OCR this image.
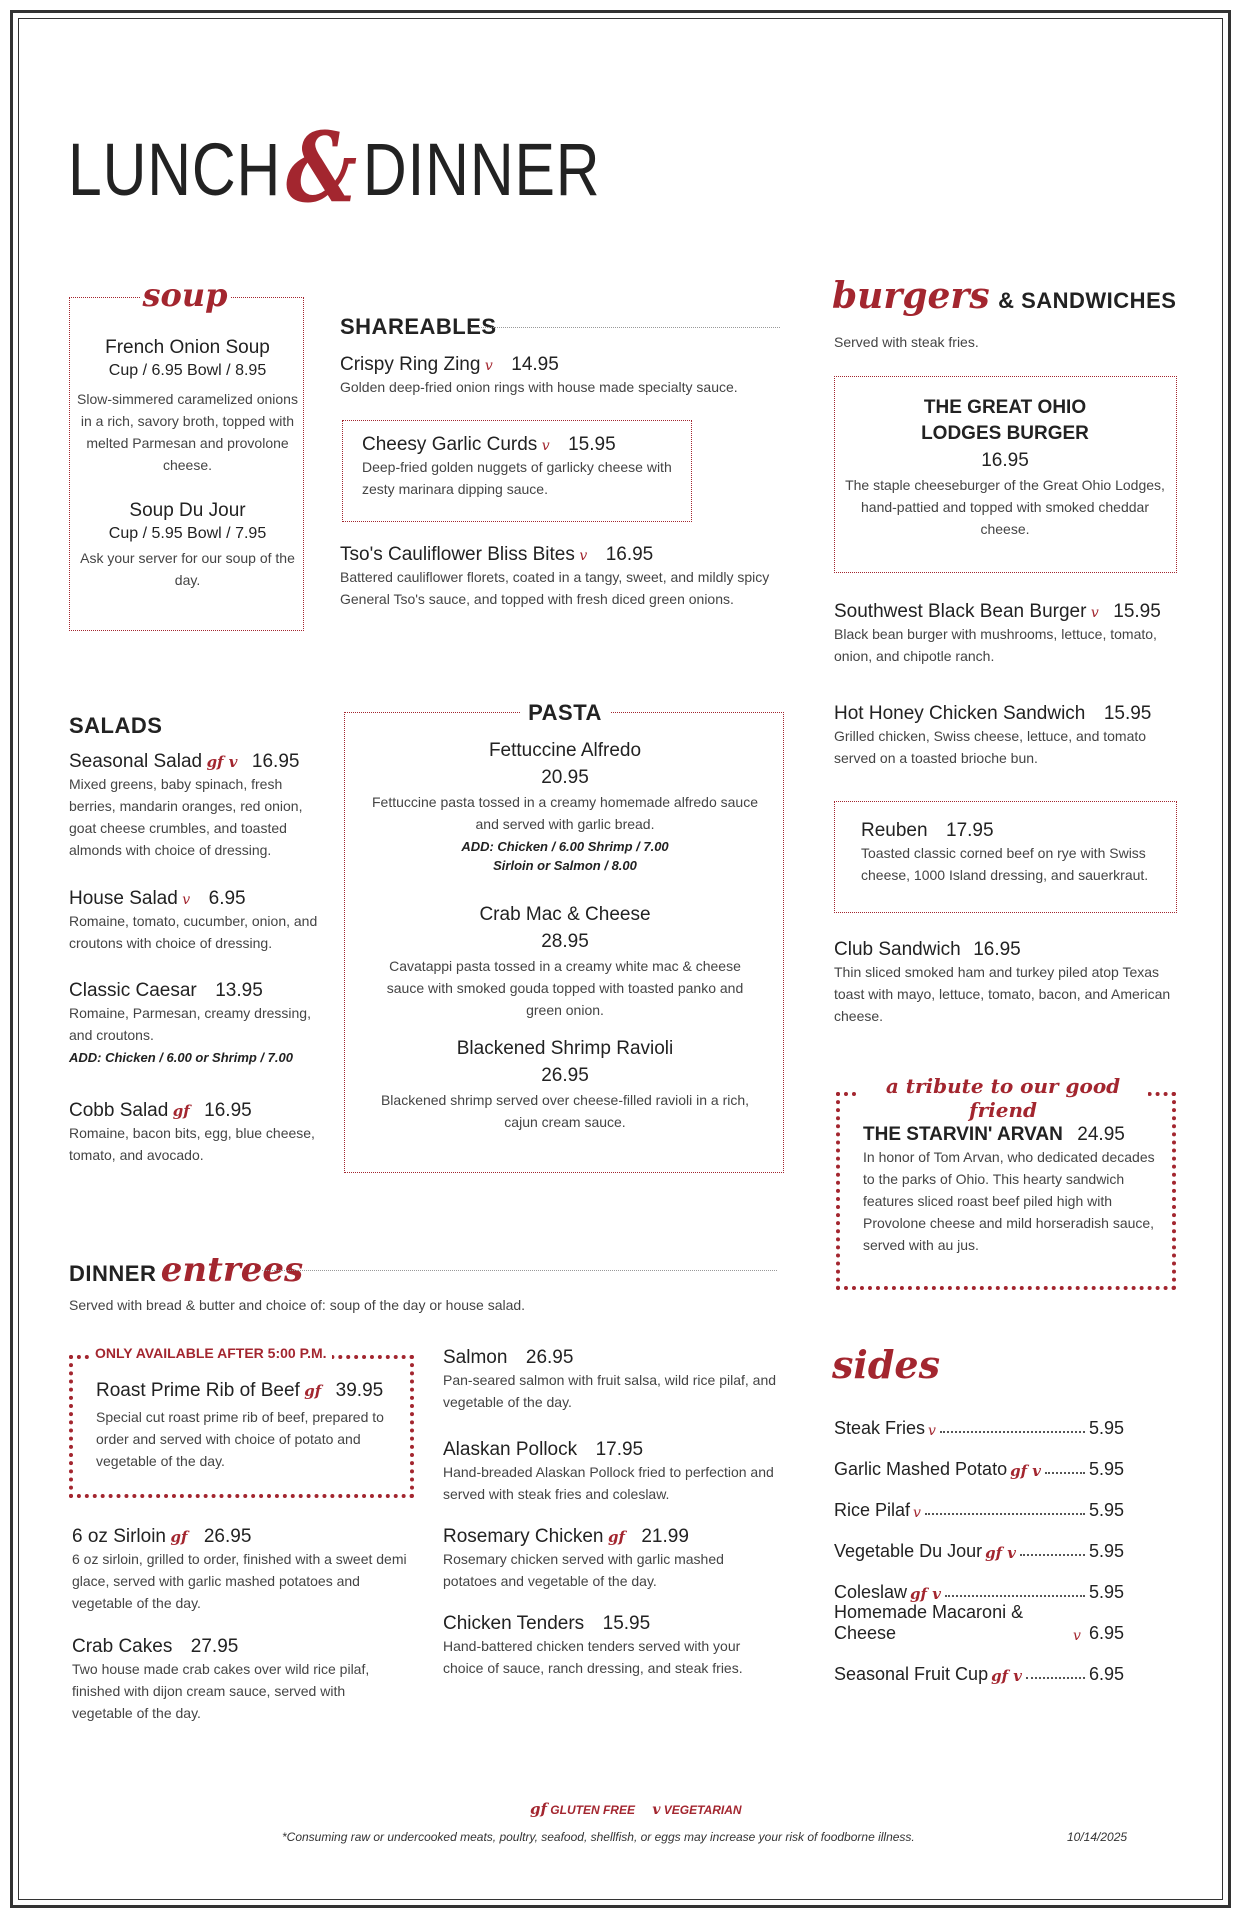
LUNCH&DINNER
soup
French Onion Soup
Cup / 6.95 Bowl / 8.95
Slow-simmered caramelized onions in a rich, savory broth, topped with melted Parmesan and provolone cheese.
Soup Du Jour
Cup / 5.95 Bowl / 7.95
Ask your server for our soup of the day.
SHAREABLES
Crispy Ring Zing v 14.95
Golden deep-fried onion rings with house made specialty sauce.
Cheesy Garlic Curds v 15.95
Deep-fried golden nuggets of garlicky cheese with zesty marinara dipping sauce.
Tso's Cauliflower Bliss Bites v 16.95
Battered cauliflower florets, coated in a tangy, sweet, and mildly spicy General Tso's sauce, and topped with fresh diced green onions.
burgers & SANDWICHES
Served with steak fries.
THE GREAT OHIO
LODGES BURGER
16.95
The staple cheeseburger of the Great Ohio Lodges, hand-pattied and topped with smoked cheddar cheese.
Southwest Black Bean Burger v 15.95
Black bean burger with mushrooms, lettuce, tomato, onion, and chipotle ranch.
Hot Honey Chicken Sandwich 15.95
Grilled chicken, Swiss cheese, lettuce, and tomato served on a toasted brioche bun.
Reuben 17.95
Toasted classic corned beef on rye with Swiss cheese, 1000 Island dressing, and sauerkraut.
Club Sandwich 16.95
Thin sliced smoked ham and turkey piled atop Texas toast with mayo, lettuce, tomato, bacon, and American cheese.
a tribute to our good friend
THE STARVIN' ARVAN 24.95
In honor of Tom Arvan, who dedicated decades to the parks of Ohio. This hearty sandwich features sliced roast beef piled high with Provolone cheese and mild horseradish sauce, served with au jus.
SALADS
Seasonal Salad gf v 16.95
Mixed greens, baby spinach, fresh berries, mandarin oranges, red onion, goat cheese crumbles, and toasted almonds with choice of dressing.
House Salad v 6.95
Romaine, tomato, cucumber, onion, and croutons with choice of dressing.
Classic Caesar 13.95
Romaine, Parmesan, creamy dressing, and croutons.
ADD: Chicken / 6.00 or Shrimp / 7.00
Cobb Salad gf 16.95
Romaine, bacon bits, egg, blue cheese, tomato, and avocado.
PASTA
Fettuccine Alfredo
20.95
Fettuccine pasta tossed in a creamy homemade alfredo sauce and served with garlic bread.
ADD: Chicken / 6.00 Shrimp / 7.00
Sirloin or Salmon / 8.00
Crab Mac & Cheese
28.95
Cavatappi pasta tossed in a creamy white mac & cheese sauce with smoked gouda topped with toasted panko and green onion.
Blackened Shrimp Ravioli
26.95
Blackened shrimp served over cheese-filled ravioli in a rich, cajun cream sauce.
DINNER entrees
Served with bread & butter and choice of: soup of the day or house salad.
ONLY AVAILABLE AFTER 5:00 P.M.
Roast Prime Rib of Beef gf 39.95
Special cut roast prime rib of beef, prepared to order and served with choice of potato and vegetable of the day.
6 oz Sirloin gf 26.95
6 oz sirloin, grilled to order, finished with a sweet demi glace, served with garlic mashed potatoes and vegetable of the day.
Crab Cakes 27.95
Two house made crab cakes over wild rice pilaf, finished with dijon cream sauce, served with vegetable of the day.
Salmon 26.95
Pan-seared salmon with fruit salsa, wild rice pilaf, and vegetable of the day.
Alaskan Pollock 17.95
Hand-breaded Alaskan Pollock fried to perfection and served with steak fries and coleslaw.
Rosemary Chicken gf 21.99
Rosemary chicken served with garlic mashed potatoes and vegetable of the day.
Chicken Tenders 15.95
Hand-battered chicken tenders served with your choice of sauce, ranch dressing, and steak fries.
sides
Steak Fries v	5.95
Garlic Mashed Potato gf v	5.95
Rice Pilaf v	5.95
Vegetable Du Jour gf v	5.95
Coleslaw gf v	5.95
Homemade Macaroni & Cheese	v 6.95
Seasonal Fruit Cup gf v	6.95
gf GLUTEN FREE v VEGETARIAN
*Consuming raw or undercooked meats, poultry, seafood, shellfish, or eggs may increase your risk of foodborne illness.	10/14/2025
